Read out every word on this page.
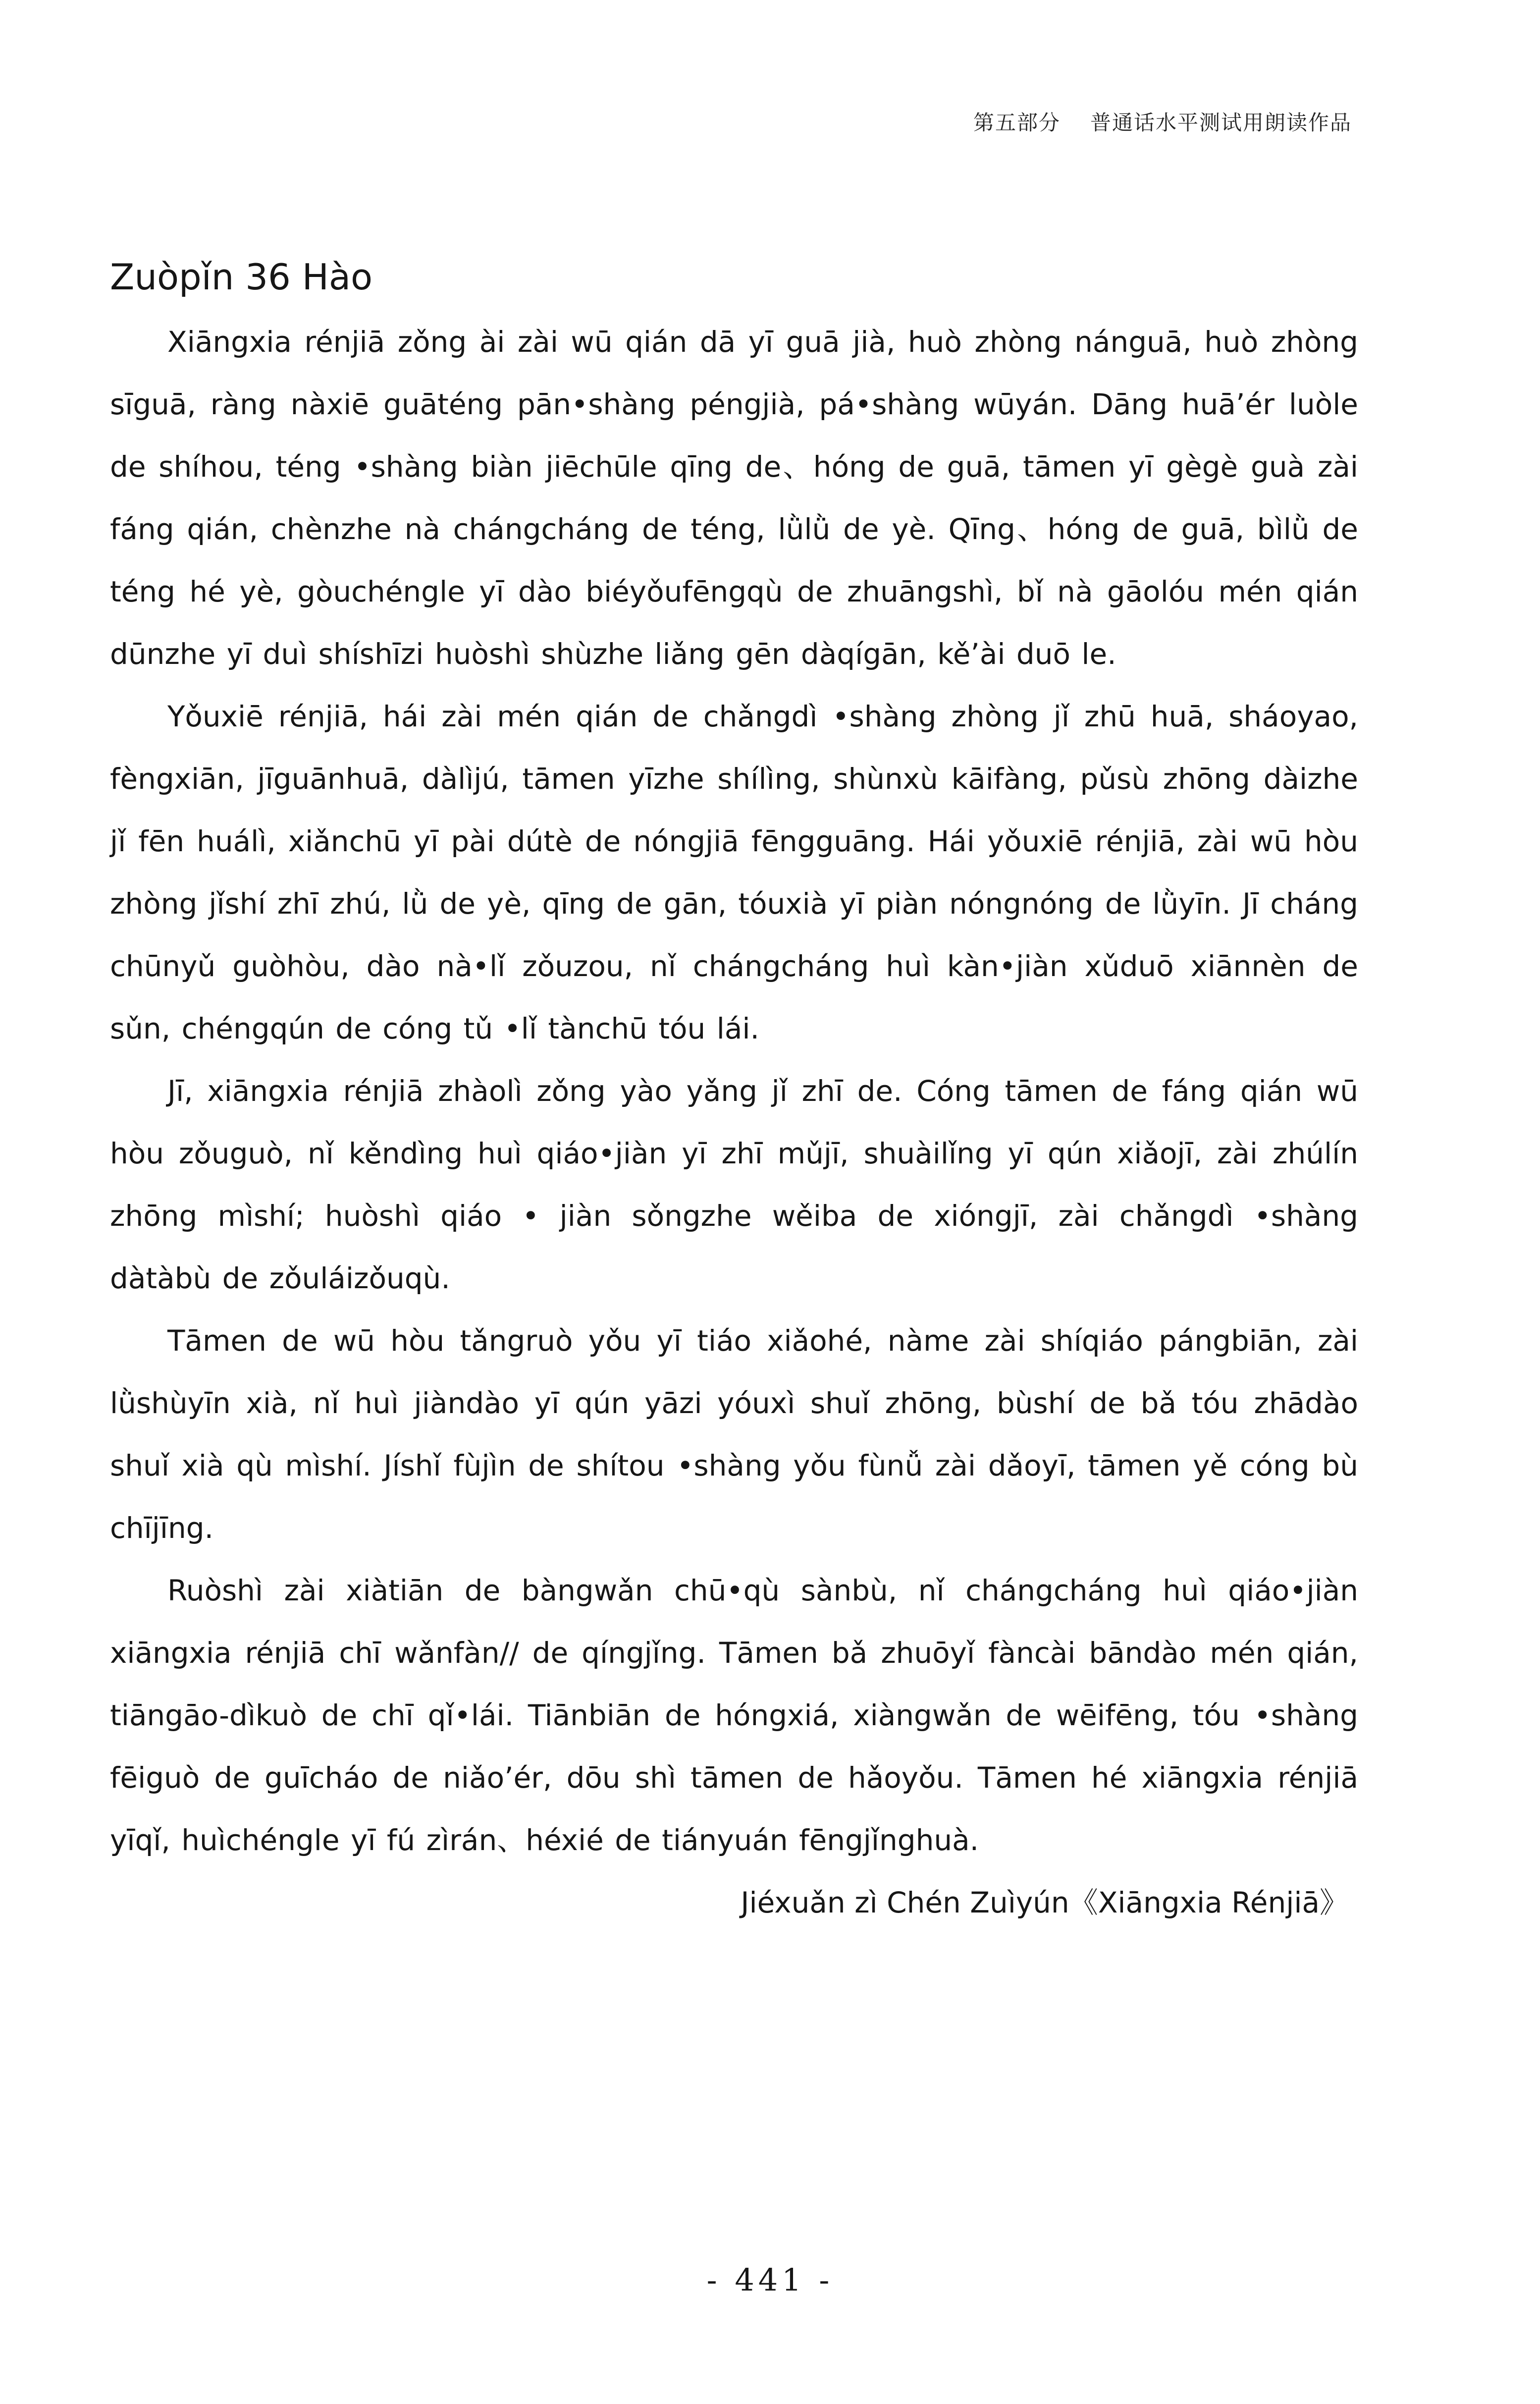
第五部分 普通话水平测试用朗读作品
Zuòpǐn 36 Hào

Xiāngxia rénjiā zǒng ài zài wū qián dā yī guā jià, huò zhòng nánguā, huò zhòng sīguā, ràng nàxiē guāténg pān•shàng péngjià, pá•shàng wūyán. Dāng huā’ér luòle de shíhou, téng •shàng biàn jiēchūle qīng de、hóng de guā, tāmen yī gègè guà zài fáng qián, chènzhe nà chángcháng de téng, lǜlǜ de yè. Qīng、hóng de guā, bìlǜ de téng hé yè, gòuchéngle yī dào biéyǒufēngqù de zhuāngshì, bǐ nà gāolóu mén qián dūnzhe yī duì shíshīzi huòshì shùzhe liǎng gēn dàqígān, kě’ài duō le.

Yǒuxiē rénjiā, hái zài mén qián de chǎngdì •shàng zhòng jǐ zhū huā, sháoyao, fèngxiān, jīguānhuā, dàlìjú, tāmen yīzhe shílìng, shùnxù kāifàng, pǔsù zhōng dàizhe jǐ fēn huálì, xiǎnchū yī pài dútè de nóngjiā fēngguāng. Hái yǒuxiē rénjiā, zài wū hòu zhòng jǐshí zhī zhú, lǜ de yè, qīng de gān, tóuxià yī piàn nóngnóng de lǜyīn. Jī cháng chūnyǔ guòhòu, dào nà•lǐ zǒuzou, nǐ chángcháng huì kàn•jiàn xǔduō xiānnèn de sǔn, chéngqún de cóng tǔ •lǐ tànchū tóu lái.

Jī, xiāngxia rénjiā zhàolì zǒng yào yǎng jǐ zhī de. Cóng tāmen de fáng qián wū hòu zǒuguò, nǐ kěndìng huì qiáo•jiàn yī zhī mǔjī, shuàilǐng yī qún xiǎojī, zài zhúlín zhōng mìshí; huòshì qiáo • jiàn sǒngzhe wěiba de xióngjī, zài chǎngdì •shàng dàtàbù de zǒuláizǒuqù.

Tāmen de wū hòu tǎngruò yǒu yī tiáo xiǎohé, nàme zài shíqiáo pángbiān, zài lǜshùyīn xià, nǐ huì jiàndào yī qún yāzi yóuxì shuǐ zhōng, bùshí de bǎ tóu zhādào shuǐ xià qù mìshí. Jíshǐ fùjìn de shítou •shàng yǒu fùnǚ zài dǎoyī, tāmen yě cóng bù chījīng.

Ruòshì zài xiàtiān de bàngwǎn chū•qù sànbù, nǐ chángcháng huì qiáo•jiàn xiāngxia rénjiā chī wǎnfàn// de qíngjǐng. Tāmen bǎ zhuōyǐ fàncài bāndào mén qián, tiāngāo-dìkuò de chī qǐ•lái. Tiānbiān de hóngxiá, xiàngwǎn de wēifēng, tóu •shàng fēiguò de guīcháo de niǎo’ér, dōu shì tāmen de hǎoyǒu. Tāmen hé xiāngxia rénjiā yīqǐ, huìchéngle yī fú zìrán、héxié de tiányuán fēngjǐnghuà.

Jiéxuǎn zì Chén Zuìyún《Xiāngxia Rénjiā》

- 441 -
